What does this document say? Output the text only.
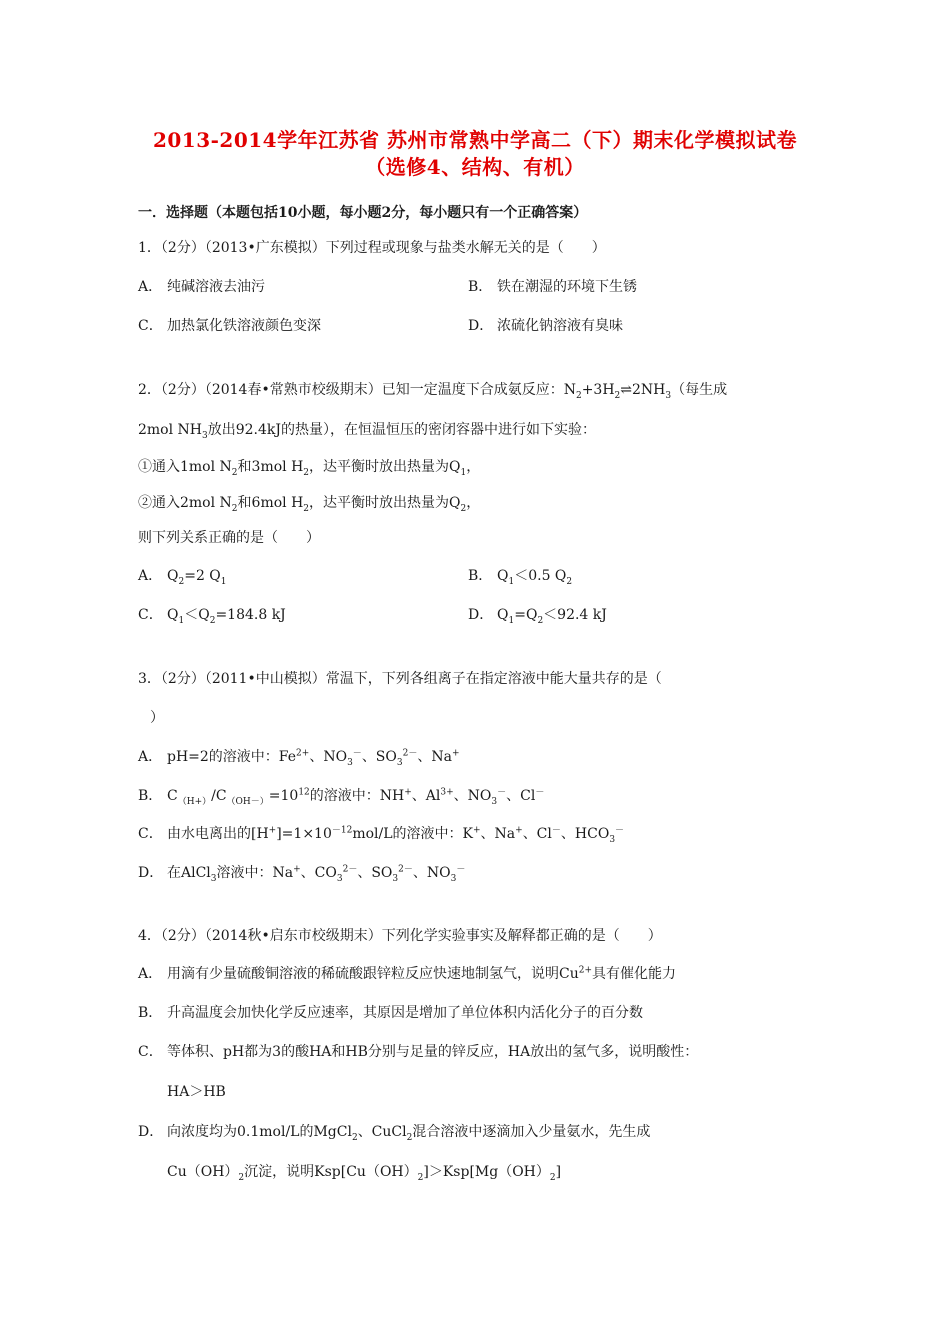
2013-2014学年江苏省 苏州市常熟中学高二（下）期末化学模拟试卷
（选修4、结构、有机）
一．选择题（本题包括10小题，每小题2分，每小题只有一个正确答案）
1．（2分）（2013•广东模拟）下列过程或现象与盐类水解无关的是（　　）
A． 纯碱溶液去油污	B． 铁在潮湿的环境下生锈
C． 加热氯化铁溶液颜色变深	D． 浓硫化钠溶液有臭味
2．（2分）（2014春•常熟市校级期末）已知一定温度下合成氨反应：$N_2+3H_2\rightleftharpoons 2NH_3$（每生成
2mol $NH_3$放出92.4kJ的热量），在恒温恒压的密闭容器中进行如下实验：
①通入1mol $N_2$和3mol $H_2$，达平衡时放出热量为$Q_1$，
②通入2mol $N_2$和6mol $H_2$，达平衡时放出热量为$Q_2$，
则下列关系正确的是（　　）
A． $Q_2=2$ $Q_1$	B． $Q_1<0.5$ $Q_2$
C． $Q_1<Q_2=184.8$ kJ	D． $Q_1=Q_2<92.4$ kJ
3．（2分）（2011•中山模拟）常温下，下列各组离子在指定溶液中能大量共存的是（
）
A． pH=2的溶液中：$Fe^{2+}$、$NO_3^-$、$SO_3^{2-}$、Na+
B． $C_{(H+)}/C_{(OH-)}=10^{12}$的溶液中：NH+、$Al^{3+}$、$NO_3^-$、Cl－
C． 由水电离出的$[H^+]=1\times 10^{-12}mol/L$的溶液中：K+、Na+、Cl－、$HCO_3^-$
D． 在AlCl$_3$溶液中：Na+、$CO_3^{2-}$、$SO_3^{2-}$、$NO_3^-$
4．（2分）（2014秋•启东市校级期末）下列化学实验事实及解释都正确的是（　　）
A． 用滴有少量硫酸铜溶液的稀硫酸跟锌粒反应快速地制氢气，说明$Cu^{2+}$具有催化能力
B． 升高温度会加快化学反应速率，其原因是增加了单位体积内活化分子的百分数
C． 等体积、pH都为3的酸HA和HB分别与足量的锌反应，HA放出的氢气多，说明酸性：
HA＞HB
D． 向浓度均为0.1mol/L的MgCl$_2$、CuCl$_2$混合溶液中逐滴加入少量氨水，先生成
$Cu(OH)_2$沉淀，说明$Ksp[Cu(OH)_2]>Ksp[Mg(OH)_2]$
